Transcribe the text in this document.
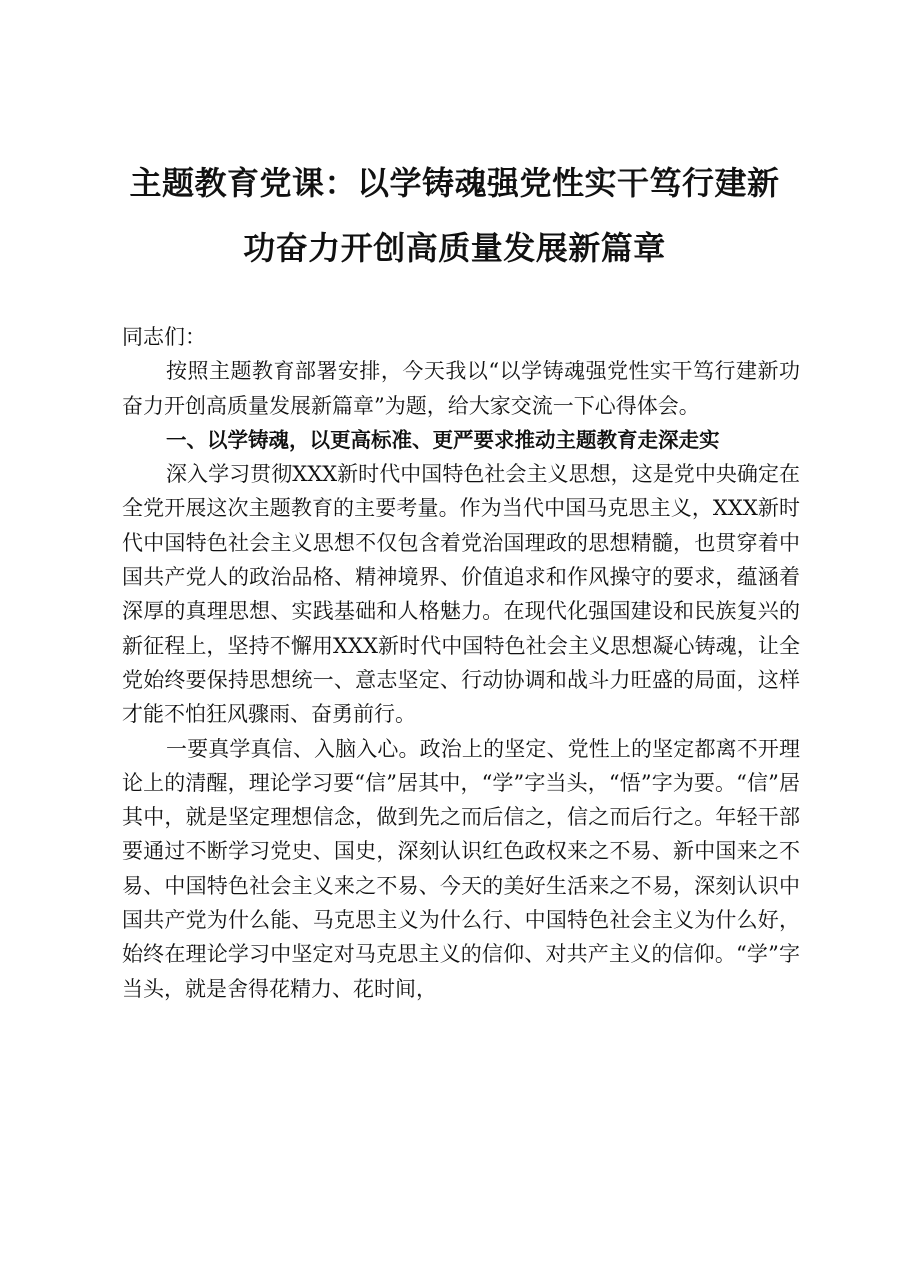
主题教育党课：以学铸魂强党性实干笃行建新
功奋力开创高质量发展新篇章

同志们：

按照主题教育部署安排，今天我以“以学铸魂强党性实干笃行建新功奋力开创高质量发展新篇章”为题，给大家交流一下心得体会。

一、以学铸魂，以更高标准、更严要求推动主题教育走深走实

深入学习贯彻XXX新时代中国特色社会主义思想，这是党中央确定在全党开展这次主题教育的主要考量。作为当代中国马克思主义，XXX新时代中国特色社会主义思想不仅包含着党治国理政的思想精髓，也贯穿着中国共产党人的政治品格、精神境界、价值追求和作风操守的要求，蕴涵着深厚的真理思想、实践基础和人格魅力。在现代化强国建设和民族复兴的新征程上，坚持不懈用XXX新时代中国特色社会主义思想凝心铸魂，让全党始终要保持思想统一、意志坚定、行动协调和战斗力旺盛的局面，这样才能不怕狂风骤雨、奋勇前行。

一要真学真信、入脑入心。政治上的坚定、党性上的坚定都离不开理论上的清醒，理论学习要“信”居其中，“学”字当头，“悟”字为要。“信”居其中，就是坚定理想信念，做到先之而后信之，信之而后行之。年轻干部要通过不断学习党史、国史，深刻认识红色政权来之不易、新中国来之不易、中国特色社会主义来之不易、今天的美好生活来之不易，深刻认识中国共产党为什么能、马克思主义为什么行、中国特色社会主义为什么好，始终在理论学习中坚定对马克思主义的信仰、对共产主义的信仰。“学”字当头，就是舍得花精力、花时间，
